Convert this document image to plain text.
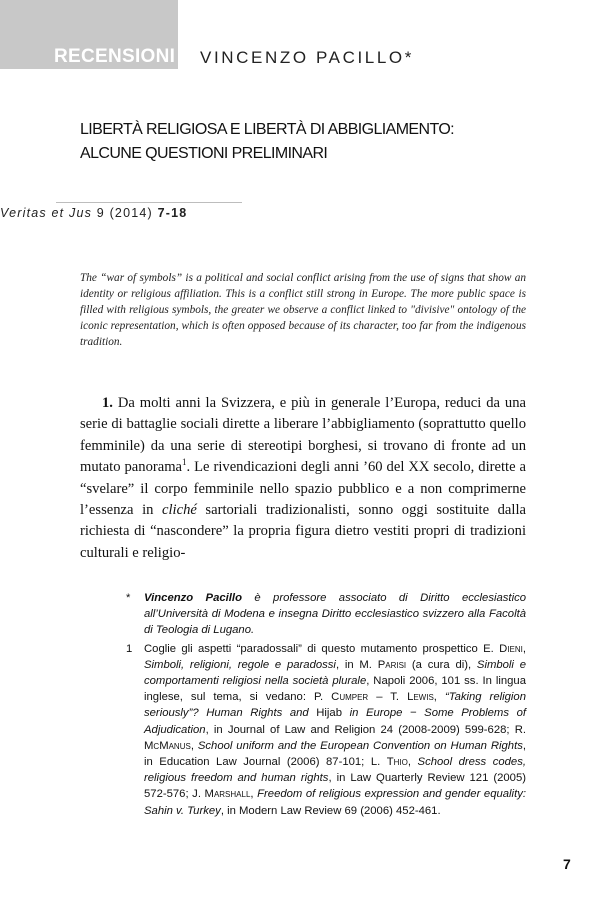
RECENSIONI VINCENZO PACILLO*
LIBERTÀ RELIGIOSA E LIBERTÀ DI ABBIGLIAMENTO:
ALCUNE QUESTIONI PRELIMINARI
Veritas et Jus 9 (2014) 7-18

The “war of symbols” is a political and social conflict arising from the use of signs that show an identity or religious affiliation. This is a conflict still strong in Europe. The more public space is filled with religious symbols, the greater we observe a conflict linked to "divisive" ontology of the iconic representation, which is often opposed because of its character, too far from the indigenous tradition.

1. Da molti anni la Svizzera, e più in generale l’Europa, reduci da una serie di battaglie sociali dirette a liberare l’abbigliamento (soprattutto quello femminile) da una serie di stereotipi borghesi, si trovano di fronte ad un mutato panorama$^1$. Le rivendicazioni degli anni ’60 del XX secolo, dirette a “svelare” il corpo femminile nello spazio pubblico e a non comprimerne l’essenza in cliché sartoriali tradizionalisti, sonno oggi sostituite dalla richiesta di “nascondere” la propria figura dietro vestiti propri di tradizioni culturali e religio-

* Vincenzo Pacillo è professore associato di Diritto ecclesiastico all’Università di Modena e insegna Diritto ecclesiastico svizzero alla Facoltà di Teologia di Lugano.
1 Coglie gli aspetti “paradossali” di questo mutamento prospettico E. Dieni, Simboli, religioni, regole e paradossi, in M. Parisi (a cura di), Simboli e comportamenti religiosi nella società plurale, Napoli 2006, 101 ss. In lingua inglese, sul tema, si vedano: P. Cumper – T. Lewis, “Taking religion seriously”? Human Rights and Hijab in Europe − Some Problems of Adjudication, in Journal of Law and Religion 24 (2008-2009) 599-628; R. McManus, School uniform and the European Convention on Human Rights, in Education Law Journal (2006) 87-101; L. Thio, School dress codes, religious freedom and human rights, in Law Quarterly Review 121 (2005) 572-576; J. Marshall, Freedom of religious expression and gender equality: Sahin v. Turkey, in Modern Law Review 69 (2006) 452-461.
7
